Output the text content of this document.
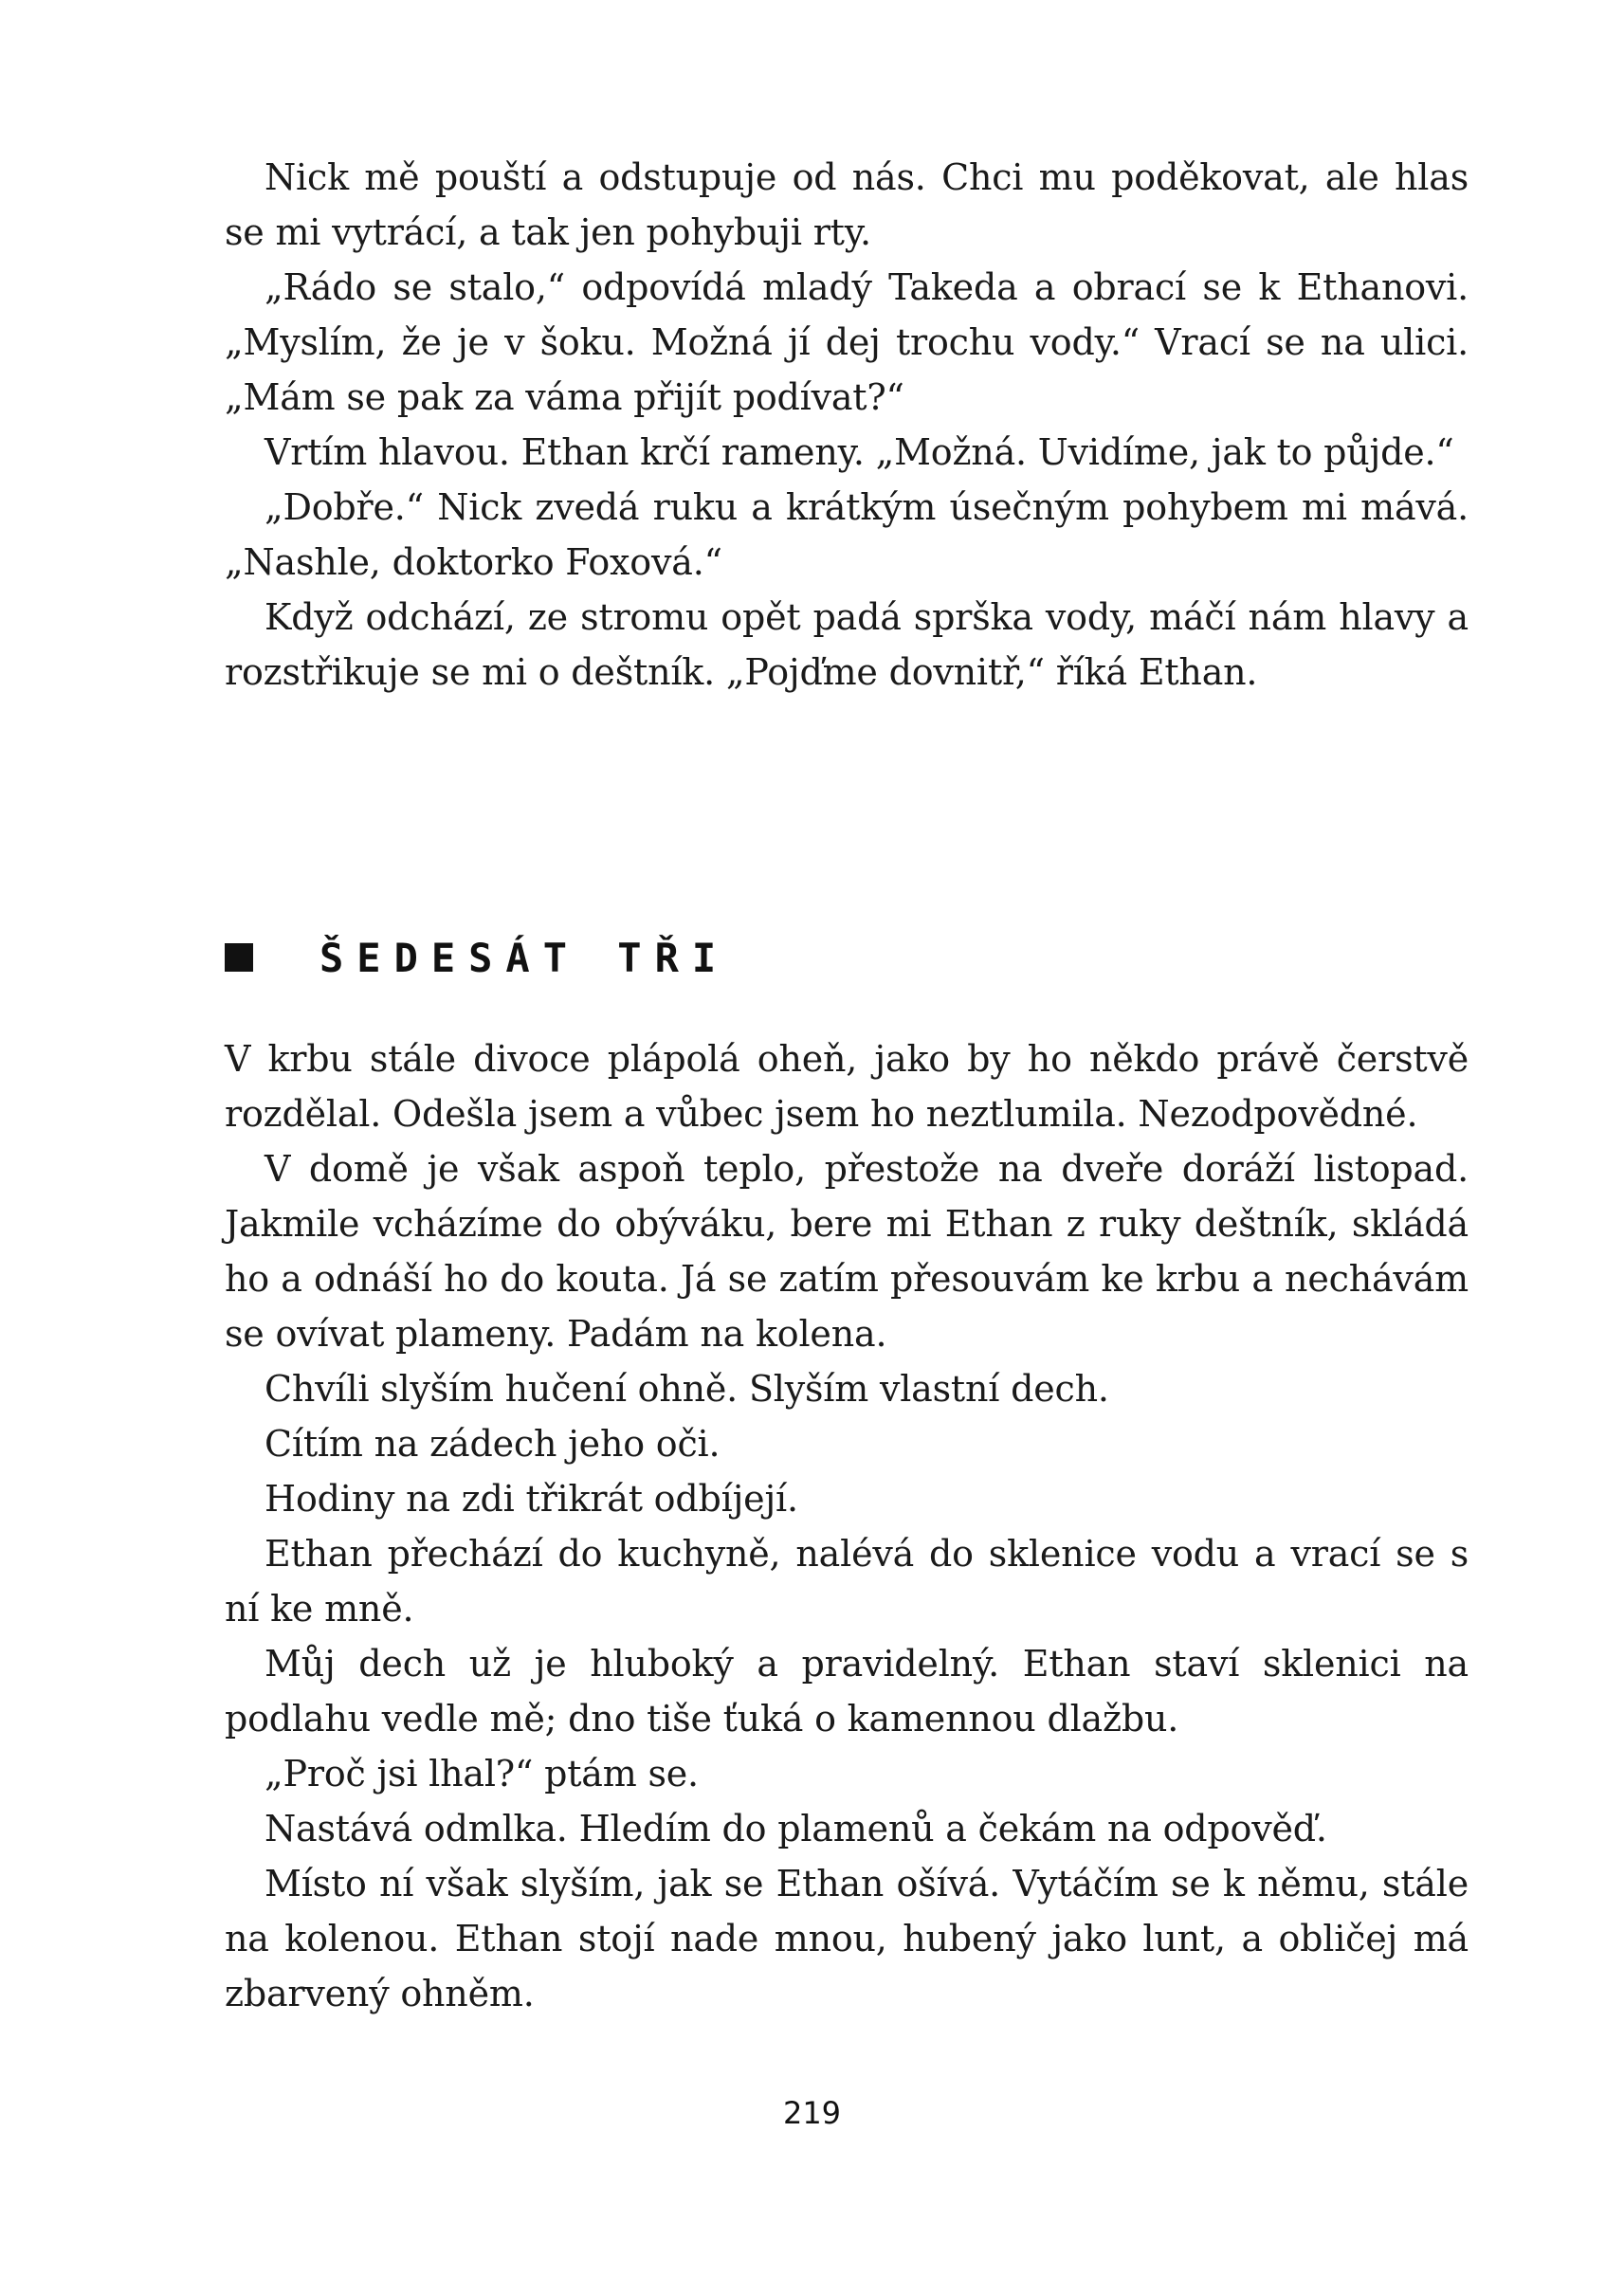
Nick mě pouští a odstupuje od nás. Chci mu poděkovat, ale hlas se mi vytrácí, a tak jen pohybuji rty.

„Rádo se stalo,“ odpovídá mladý Takeda a obrací se k Ethanovi. „Myslím, že je v šoku. Možná jí dej trochu vody.“ Vrací se na ulici. „Mám se pak za váma přijít podívat?“

Vrtím hlavou. Ethan krčí rameny. „Možná. Uvidíme, jak to půjde.“

„Dobře.“ Nick zvedá ruku a krátkým úsečným pohybem mi mává. „Nashle, doktorko Foxová.“

Když odchází, ze stromu opět padá sprška vody, máčí nám hlavy a rozstřikuje se mi o deštník. „Pojďme dovnitř,“ říká Ethan.

ŠEDESÁT TŘI

V krbu stále divoce plápolá oheň, jako by ho někdo právě čerstvě rozdělal. Odešla jsem a vůbec jsem ho neztlumila. Nezodpovědné.

V domě je však aspoň teplo, přestože na dveře doráží listopad. Jakmile vcházíme do obýváku, bere mi Ethan z ruky deštník, skládá ho a odnáší ho do kouta. Já se zatím přesouvám ke krbu a nechávám se ovívat plameny. Padám na kolena.

Chvíli slyším hučení ohně. Slyším vlastní dech.

Cítím na zádech jeho oči.

Hodiny na zdi třikrát odbíjejí.

Ethan přechází do kuchyně, nalévá do sklenice vodu a vrací se s ní ke mně.

Můj dech už je hluboký a pravidelný. Ethan staví sklenici na podlahu vedle mě; dno tiše ťuká o kamennou dlažbu.

„Proč jsi lhal?“ ptám se.

Nastává odmlka. Hledím do plamenů a čekám na odpověď.

Místo ní však slyším, jak se Ethan ošívá. Vytáčím se k němu, stále na kolenou. Ethan stojí nade mnou, hubený jako lunt, a obličej má zbarvený ohněm.

219
